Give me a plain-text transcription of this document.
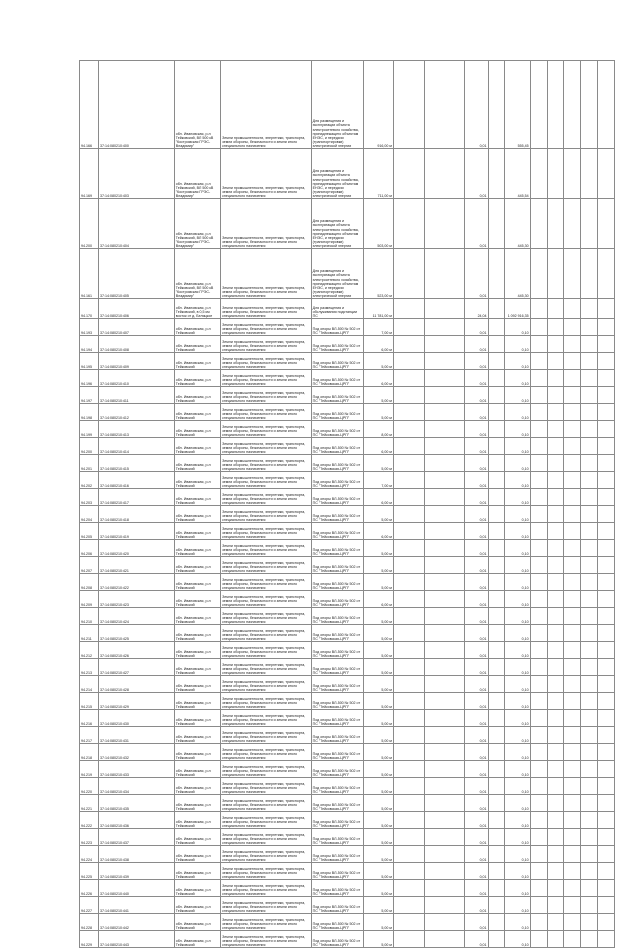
94.166	37:14:080210:400	обл. Ивановская, р-н Тейковский, ВЛ 500 кВ "Костромская ГРЭС-Владимир"	Земли промышленности, энергетики, транспорта, земли обороны, безопасности и земли иного специального назначения	Для размещения и эксплуатации объекта электросетевого хозяйства, принадлежащего объектам ЕНЭС, и передачи (транспортировки) электрической энергии	916,00 м			0,01		555,45					
94.169	37:14:080210:403	обл. Ивановская, р-н Тейковский, ВЛ 500 кВ "Костромская ГРЭС-Владимир"	Земли промышленности, энергетики, транспорта, земли обороны, безопасности и земли иного специального назначения	Для размещения и эксплуатации объекта электросетевого хозяйства, принадлежащего объектам ЕНЭС, и передачи (транспортировки) электрической энергии	711,00 м			0,01		445,54					
94.200	37:14:080210:404	обл. Ивановская, р-н Тейковский, ВЛ 500 кВ "Костромская ГРЭС-Владимир"	Земли промышленности, энергетики, транспорта, земли обороны, безопасности и земли иного специального назначения	Для размещения и эксплуатации объекта электросетевого хозяйства, принадлежащего объектам ЕНЭС, и передачи (транспортировки) электрической энергии	503,00 м			0,01		445,30					
94.161	37:14:080210:405	обл. Ивановская, р-н Тейковский, ВЛ 500 кВ "Костромская ГРЭС-Владимир"	Земли промышленности, энергетики, транспорта, земли обороны, безопасности и земли иного специального назначения	Для размещения и эксплуатации объекта электросетевого хозяйства, принадлежащего объектам ЕНЭС, и передачи (транспортировки) электрической энергии	523,00 м			0,01		445,30					
94.170	37:14:080210:406	обл. Ивановская, р-н Тейковский, в 0,5 км восток от д. Беляцкое	Земли промышленности, энергетики, транспорта, земли обороны, безопасности и земли иного специального назначения	Для размещения и обслуживания подстанции ПС	11 781,00 м			24,04		1 092 916,35					
94.193	37:14:080210:407	обл. Ивановская, р-н Тейковский	Земли промышленности, энергетики, транспорта, земли обороны, безопасности и земли иного специального назначения	Под опоры ВЛ-500 № 502 от ПС "Тейковская-ЦРП"	7,00 м			0,01		0,10					
94.194	37:14:080210:408	обл. Ивановская, р-н Тейковский	Земли промышленности, энергетики, транспорта, земли обороны, безопасности и земли иного специального назначения	Под опоры ВЛ-500 № 502 от ПС "Тейковская-ЦРП"	6,00 м			0,01		0,10					
94.195	37:14:080210:409	обл. Ивановская, р-н Тейковский	Земли промышленности, энергетики, транспорта, земли обороны, безопасности и земли иного специального назначения	Под опоры ВЛ-500 № 502 от ПС "Тейковская-ЦРП"	5,00 м			0,01		0,10					
94.196	37:14:080210:410	обл. Ивановская, р-н Тейковский	Земли промышленности, энергетики, транспорта, земли обороны, безопасности и земли иного специального назначения	Под опоры ВЛ-500 № 502 от ПС "Тейковская-ЦРП"	6,00 м			0,01		0,10					
94.197	37:14:080210:411	обл. Ивановская, р-н Тейковский	Земли промышленности, энергетики, транспорта, земли обороны, безопасности и земли иного специального назначения	Под опоры ВЛ-500 № 502 от ПС "Тейковская-ЦРП"	5,00 м			0,01		0,10					
94.198	37:14:080210:412	обл. Ивановская, р-н Тейковский	Земли промышленности, энергетики, транспорта, земли обороны, безопасности и земли иного специального назначения	Под опоры ВЛ-500 № 502 от ПС "Тейковская-ЦРП"	5,00 м			0,01		0,10					
94.199	37:14:080210:413	обл. Ивановская, р-н Тейковский	Земли промышленности, энергетики, транспорта, земли обороны, безопасности и земли иного специального назначения	Под опоры ВЛ-500 № 502 от ПС "Тейковская-ЦРП"	8,00 м			0,01		0,10					
94.200	37:14:080210:414	обл. Ивановская, р-н Тейковский	Земли промышленности, энергетики, транспорта, земли обороны, безопасности и земли иного специального назначения	Под опоры ВЛ-500 № 502 от ПС "Тейковская-ЦРП"	6,00 м			0,01		0,10					
94.201	37:14:080210:415	обл. Ивановская, р-н Тейковский	Земли промышленности, энергетики, транспорта, земли обороны, безопасности и земли иного специального назначения	Под опоры ВЛ-500 № 502 от ПС "Тейковская-ЦРП"	5,00 м			0,01		0,10					
94.202	37:14:080210:416	обл. Ивановская, р-н Тейковский	Земли промышленности, энергетики, транспорта, земли обороны, безопасности и земли иного специального назначения	Под опоры ВЛ-500 № 502 от ПС "Тейковская-ЦРП"	7,00 м			0,01		0,10					
94.203	37:14:080210:417	обл. Ивановская, р-н Тейковский	Земли промышленности, энергетики, транспорта, земли обороны, безопасности и земли иного специального назначения	Под опоры ВЛ-500 № 502 от ПС "Тейковская-ЦРП"	6,00 м			0,01		0,10					
94.204	37:14:080210:418	обл. Ивановская, р-н Тейковский	Земли промышленности, энергетики, транспорта, земли обороны, безопасности и земли иного специального назначения	Под опоры ВЛ-500 № 502 от ПС "Тейковская-ЦРП"	5,00 м			0,01		0,10					
94.205	37:14:080210:419	обл. Ивановская, р-н Тейковский	Земли промышленности, энергетики, транспорта, земли обороны, безопасности и земли иного специального назначения	Под опоры ВЛ-500 № 502 от ПС "Тейковская-ЦРП"	6,00 м			0,01		0,10					
94.206	37:14:080210:420	обл. Ивановская, р-н Тейковский	Земли промышленности, энергетики, транспорта, земли обороны, безопасности и земли иного специального назначения	Под опоры ВЛ-500 № 502 от ПС "Тейковская-ЦРП"	5,00 м			0,01		0,10					
94.207	37:14:080210:421	обл. Ивановская, р-н Тейковский	Земли промышленности, энергетики, транспорта, земли обороны, безопасности и земли иного специального назначения	Под опоры ВЛ-500 № 502 от ПС "Тейковская-ЦРП"	5,00 м			0,01		0,10					
94.208	37:14:080210:422	обл. Ивановская, р-н Тейковский	Земли промышленности, энергетики, транспорта, земли обороны, безопасности и земли иного специального назначения	Под опоры ВЛ-500 № 502 от ПС "Тейковская-ЦРП"	5,00 м			0,01		0,10					
94.209	37:14:080210:423	обл. Ивановская, р-н Тейковский	Земли промышленности, энергетики, транспорта, земли обороны, безопасности и земли иного специального назначения	Под опоры ВЛ-500 № 502 от ПС "Тейковская-ЦРП"	6,00 м			0,01		0,10					
94.210	37:14:080210:424	обл. Ивановская, р-н Тейковский	Земли промышленности, энергетики, транспорта, земли обороны, безопасности и земли иного специального назначения	Под опоры ВЛ-500 № 502 от ПС "Тейковская-ЦРП"	5,00 м			0,01		0,10					
94.211	37:14:080210:425	обл. Ивановская, р-н Тейковский	Земли промышленности, энергетики, транспорта, земли обороны, безопасности и земли иного специального назначения	Под опоры ВЛ-500 № 502 от ПС "Тейковская-ЦРП"	5,00 м			0,01		0,10					
94.212	37:14:080210:426	обл. Ивановская, р-н Тейковский	Земли промышленности, энергетики, транспорта, земли обороны, безопасности и земли иного специального назначения	Под опоры ВЛ-500 № 502 от ПС "Тейковская-ЦРП"	5,00 м			0,01		0,10					
94.213	37:14:080210:427	обл. Ивановская, р-н Тейковский	Земли промышленности, энергетики, транспорта, земли обороны, безопасности и земли иного специального назначения	Под опоры ВЛ-500 № 502 от ПС "Тейковская-ЦРП"	5,00 м			0,01		0,10					
94.214	37:14:080210:428	обл. Ивановская, р-н Тейковский	Земли промышленности, энергетики, транспорта, земли обороны, безопасности и земли иного специального назначения	Под опоры ВЛ-500 № 502 от ПС "Тейковская-ЦРП"	5,00 м			0,01		0,10					
94.215	37:14:080210:429	обл. Ивановская, р-н Тейковский	Земли промышленности, энергетики, транспорта, земли обороны, безопасности и земли иного специального назначения	Под опоры ВЛ-500 № 502 от ПС "Тейковская-ЦРП"	5,00 м			0,01		0,10					
94.216	37:14:080210:430	обл. Ивановская, р-н Тейковский	Земли промышленности, энергетики, транспорта, земли обороны, безопасности и земли иного специального назначения	Под опоры ВЛ-500 № 502 от ПС "Тейковская-ЦРП"	5,00 м			0,01		0,10					
94.217	37:14:080210:431	обл. Ивановская, р-н Тейковский	Земли промышленности, энергетики, транспорта, земли обороны, безопасности и земли иного специального назначения	Под опоры ВЛ-500 № 502 от ПС "Тейковская-ЦРП"	5,00 м			0,01		0,10					
94.218	37:14:080210:432	обл. Ивановская, р-н Тейковский	Земли промышленности, энергетики, транспорта, земли обороны, безопасности и земли иного специального назначения	Под опоры ВЛ-500 № 502 от ПС "Тейковская-ЦРП"	5,00 м			0,01		0,10					
94.219	37:14:080210:433	обл. Ивановская, р-н Тейковский	Земли промышленности, энергетики, транспорта, земли обороны, безопасности и земли иного специального назначения	Под опоры ВЛ-500 № 502 от ПС "Тейковская-ЦРП"	5,00 м			0,01		0,10					
94.220	37:14:080210:434	обл. Ивановская, р-н Тейковский	Земли промышленности, энергетики, транспорта, земли обороны, безопасности и земли иного специального назначения	Под опоры ВЛ-500 № 502 от ПС "Тейковская-ЦРП"	5,00 м			0,01		0,10					
94.221	37:14:080210:435	обл. Ивановская, р-н Тейковский	Земли промышленности, энергетики, транспорта, земли обороны, безопасности и земли иного специального назначения	Под опоры ВЛ-500 № 502 от ПС "Тейковская-ЦРП"	5,00 м			0,01		0,10					
94.222	37:14:080210:436	обл. Ивановская, р-н Тейковский	Земли промышленности, энергетики, транспорта, земли обороны, безопасности и земли иного специального назначения	Под опоры ВЛ-500 № 502 от ПС "Тейковская-ЦРП"	5,00 м			0,01		0,10					
94.223	37:14:080210:437	обл. Ивановская, р-н Тейковский	Земли промышленности, энергетики, транспорта, земли обороны, безопасности и земли иного специального назначения	Под опоры ВЛ-500 № 502 от ПС "Тейковская-ЦРП"	5,00 м			0,01		0,10					
94.224	37:14:080210:438	обл. Ивановская, р-н Тейковский	Земли промышленности, энергетики, транспорта, земли обороны, безопасности и земли иного специального назначения	Под опоры ВЛ-500 № 502 от ПС "Тейковская-ЦРП"	5,00 м			0,01		0,10					
94.225	37:14:080210:439	обл. Ивановская, р-н Тейковский	Земли промышленности, энергетики, транспорта, земли обороны, безопасности и земли иного специального назначения	Под опоры ВЛ-500 № 502 от ПС "Тейковская-ЦРП"	5,00 м			0,01		0,10					
94.226	37:14:080210:440	обл. Ивановская, р-н Тейковский	Земли промышленности, энергетики, транспорта, земли обороны, безопасности и земли иного специального назначения	Под опоры ВЛ-500 № 502 от ПС "Тейковская-ЦРП"	5,00 м			0,01		0,10					
94.227	37:14:080210:441	обл. Ивановская, р-н Тейковский	Земли промышленности, энергетики, транспорта, земли обороны, безопасности и земли иного специального назначения	Под опоры ВЛ-500 № 502 от ПС "Тейковская-ЦРП"	5,00 м			0,01		0,10					
94.228	37:14:080210:442	обл. Ивановская, р-н Тейковский	Земли промышленности, энергетики, транспорта, земли обороны, безопасности и земли иного специального назначения	Под опоры ВЛ-500 № 502 от ПС "Тейковская-ЦРП"	5,00 м			0,01		0,10					
94.229	37:14:080210:443	обл. Ивановская, р-н Тейковский	Земли промышленности, энергетики, транспорта, земли обороны, безопасности и земли иного специального назначения	Под опоры ВЛ-500 № 502 от ПС "Тейковская-ЦРП"	5,00 м			0,01		0,10					
